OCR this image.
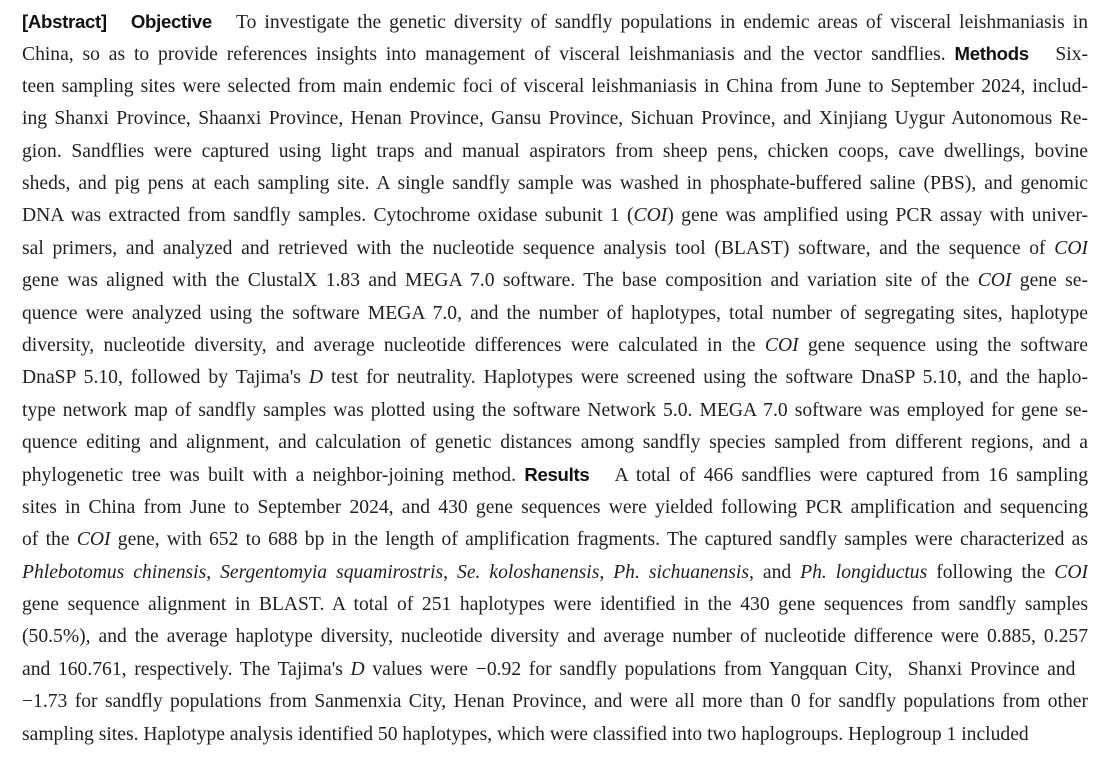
[Abstract] Objective   To investigate the genetic diversity of sandfly populations in endemic areas of visceral leishmaniasis in
China, so as to provide references insights into management of visceral leishmaniasis and the vector sandflies. Methods   Six-
teen sampling sites were selected from main endemic foci of visceral leishmaniasis in China from June to September 2024, includ-
ing Shanxi Province, Shaanxi Province, Henan Province, Gansu Province, Sichuan Province, and Xinjiang Uygur Autonomous Re-
gion. Sandflies were captured using light traps and manual aspirators from sheep pens, chicken coops, cave dwellings, bovine
sheds, and pig pens at each sampling site. A single sandfly sample was washed in phosphate-buffered saline (PBS), and genomic
DNA was extracted from sandfly samples. Cytochrome oxidase subunit 1 (COI) gene was amplified using PCR assay with univer-
sal primers, and analyzed and retrieved with the nucleotide sequence analysis tool (BLAST) software, and the sequence of COI
gene was aligned with the ClustalX 1.83 and MEGA 7.0 software. The base composition and variation site of the COI gene se-
quence were analyzed using the software MEGA 7.0, and the number of haplotypes, total number of segregating sites, haplotype
diversity, nucleotide diversity, and average nucleotide differences were calculated in the COI gene sequence using the software
DnaSP 5.10, followed by Tajima's D test for neutrality. Haplotypes were screened using the software DnaSP 5.10, and the haplo-
type network map of sandfly samples was plotted using the software Network 5.0. MEGA 7.0 software was employed for gene se-
quence editing and alignment, and calculation of genetic distances among sandfly species sampled from different regions, and a
phylogenetic tree was built with a neighbor-joining method. Results   A total of 466 sandflies were captured from 16 sampling
sites in China from June to September 2024, and 430 gene sequences were yielded following PCR amplification and sequencing
of the COI gene, with 652 to 688 bp in the length of amplification fragments. The captured sandfly samples were characterized as
Phlebotomus chinensis, Sergentomyia squamirostris, Se. koloshanensis, Ph. sichuanensis, and Ph. longiductus following the COI
gene sequence alignment in BLAST. A total of 251 haplotypes were identified in the 430 gene sequences from sandfly samples
(50.5%), and the average haplotype diversity, nucleotide diversity and average number of nucleotide difference were 0.885, 0.257
and 160.761, respectively. The Tajima's D values were −0.92 for sandfly populations from Yangquan City,  Shanxi Province and
−1.73 for sandfly populations from Sanmenxia City, Henan Province, and were all more than 0 for sandfly populations from other
sampling sites. Haplotype analysis identified 50 haplotypes, which were classified into two haplogroups. Heplogroup 1 included
